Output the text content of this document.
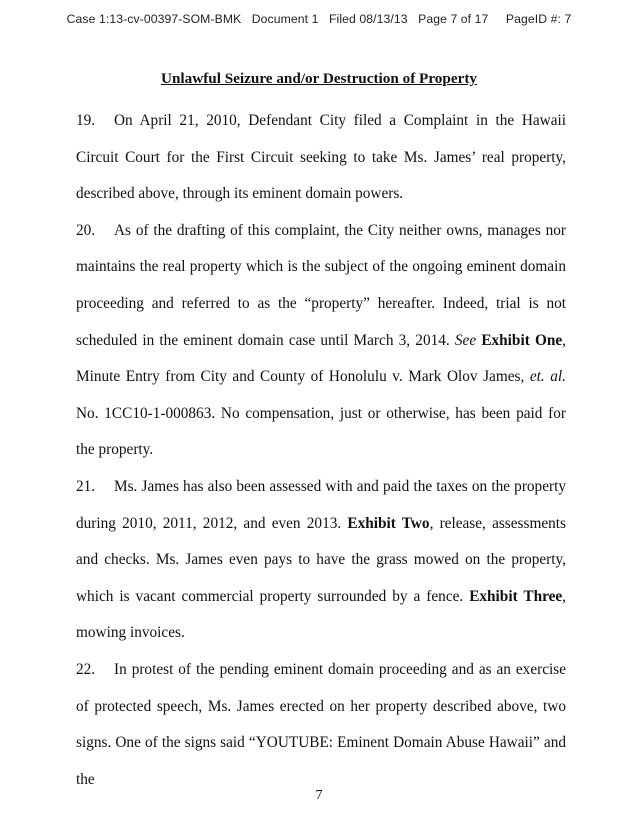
Case 1:13-cv-00397-SOM-BMK Document 1 Filed 08/13/13 Page 7 of 17 PageID #: 7
Unlawful Seizure and/or Destruction of Property

19. On April 21, 2010, Defendant City filed a Complaint in the Hawaii Circuit Court for the First Circuit seeking to take Ms. James’ real property, described above, through its eminent domain powers.

20. As of the drafting of this complaint, the City neither owns, manages nor maintains the real property which is the subject of the ongoing eminent domain proceeding and referred to as the “property” hereafter. Indeed, trial is not scheduled in the eminent domain case until March 3, 2014. See Exhibit One, Minute Entry from City and County of Honolulu v. Mark Olov James, et. al. No. 1CC10-1-000863. No compensation, just or otherwise, has been paid for the property.

21. Ms. James has also been assessed with and paid the taxes on the property during 2010, 2011, 2012, and even 2013. Exhibit Two, release, assessments and checks. Ms. James even pays to have the grass mowed on the property, which is vacant commercial property surrounded by a fence. Exhibit Three, mowing invoices.

22. In protest of the pending eminent domain proceeding and as an exercise of protected speech, Ms. James erected on her property described above, two signs. One of the signs said “YOUTUBE: Eminent Domain Abuse Hawaii” and the

7
